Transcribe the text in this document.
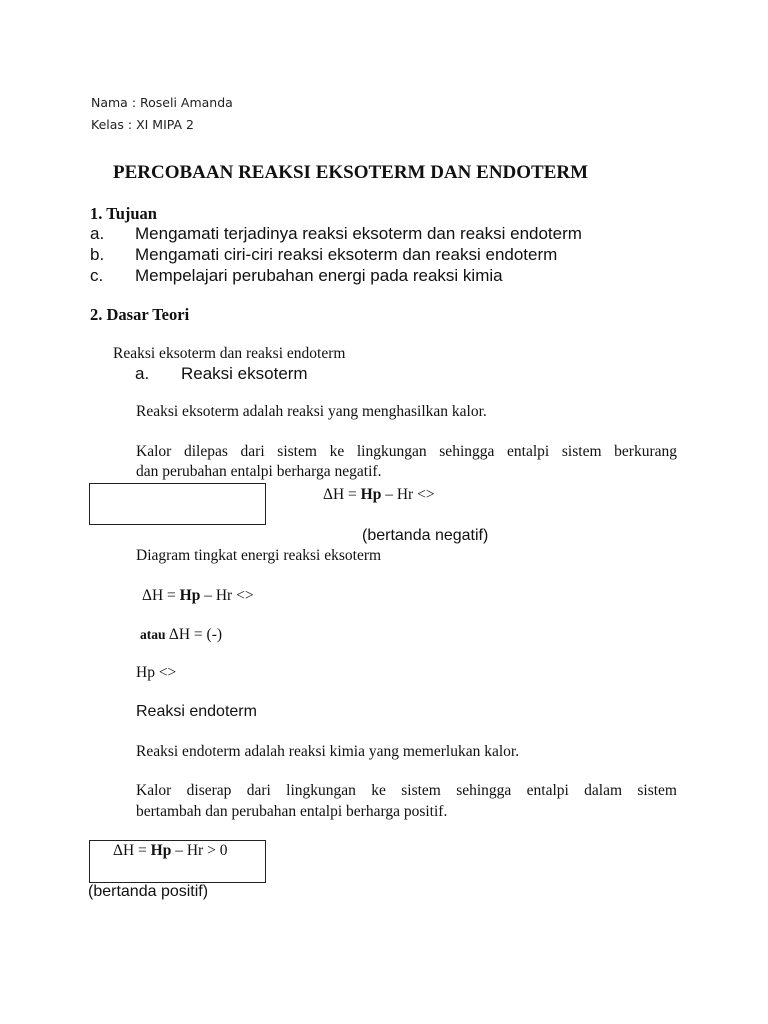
Nama : Roseli Amanda
Kelas : XI MIPA 2
PERCOBAAN REAKSI EKSOTERM DAN ENDOTERM
1. Tujuan
a. Mengamati terjadinya reaksi eksoterm dan reaksi endoterm
b. Mengamati ciri-ciri reaksi eksoterm dan reaksi endoterm
c. Mempelajari perubahan energi pada reaksi kimia
2. Dasar Teori
Reaksi eksoterm dan reaksi endoterm
a. Reaksi eksoterm
Reaksi eksoterm adalah reaksi yang menghasilkan kalor.
Kalor dilepas dari sistem ke lingkungan sehingga entalpi sistem berkurang
dan perubahan entalpi berharga negatif.
ΔH = Hp – Hr <>
(bertanda negatif)
Diagram tingkat energi reaksi eksoterm
ΔH = Hp – Hr <>
atau ΔH = (-)
Hp <>
Reaksi endoterm
Reaksi endoterm adalah reaksi kimia yang memerlukan kalor.
Kalor diserap dari lingkungan ke sistem sehingga entalpi dalam sistem
bertambah dan perubahan entalpi berharga positif.
ΔH = Hp – Hr > 0
(bertanda positif)
